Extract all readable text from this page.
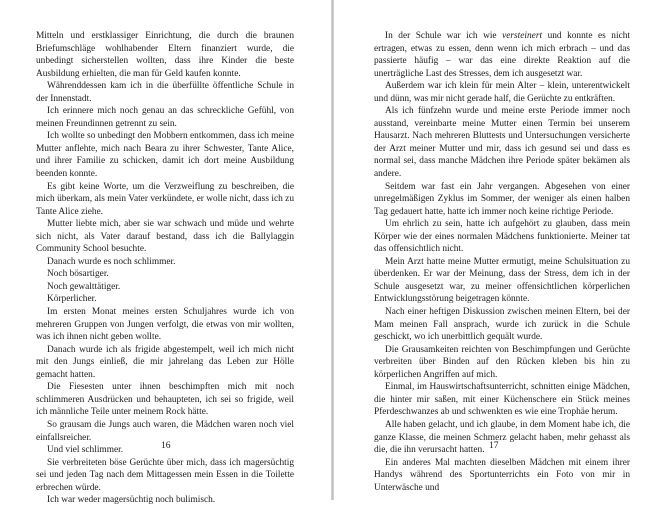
Mitteln und erstklassiger Einrichtung, die durch die braunen Briefumschläge wohlhabender Eltern finanziert wurde, die unbedingt sicherstellen wollten, dass ihre Kinder die beste Ausbildung erhielten, die man für Geld kaufen konnte.

Währenddessen kam ich in die überfüllte öffentliche Schule in der Innenstadt.

Ich erinnere mich noch genau an das schreckliche Gefühl, von meinen Freundinnen getrennt zu sein.

Ich wollte so unbedingt den Mobbern entkommen, dass ich meine Mutter anflehte, mich nach Beara zu ihrer Schwester, Tante Alice, und ihrer Familie zu schicken, damit ich dort meine Ausbildung beenden konnte.

Es gibt keine Worte, um die Verzweiflung zu beschreiben, die mich überkam, als mein Vater verkündete, er wolle nicht, dass ich zu Tante Alice ziehe.

Mutter liebte mich, aber sie war schwach und müde und wehrte sich nicht, als Vater darauf bestand, dass ich die Ballylaggin Community School besuchte.

Danach wurde es noch schlimmer.

Noch bösartiger.

Noch gewalttätiger.

Körperlicher.

Im ersten Monat meines ersten Schuljahres wurde ich von mehreren Gruppen von Jungen verfolgt, die etwas von mir wollten, was ich ihnen nicht geben wollte.

Danach wurde ich als frigide abgestempelt, weil ich mich nicht mit den Jungs einließ, die mir jahrelang das Leben zur Hölle gemacht hatten.

Die Fiesesten unter ihnen beschimpften mich mit noch schlimmeren Ausdrücken und behaupteten, ich sei so frigide, weil ich männliche Teile unter meinem Rock hätte.

So grausam die Jungs auch waren, die Mädchen waren noch viel einfallsreicher.

Und viel schlimmer.

Sie verbreiteten böse Gerüchte über mich, dass ich magersüchtig sei und jeden Tag nach dem Mittagessen mein Essen in die Toilette erbrechen würde.

Ich war weder magersüchtig noch bulimisch.

16

In der Schule war ich wie versteinert und konnte es nicht ertragen, etwas zu essen, denn wenn ich mich erbrach – und das passierte häufig – war das eine direkte Reaktion auf die unerträgliche Last des Stresses, dem ich ausgesetzt war.

Außerdem war ich klein für mein Alter – klein, unterentwickelt und dünn, was mir nicht gerade half, die Gerüchte zu entkräften.

Als ich fünfzehn wurde und meine erste Periode immer noch ausstand, vereinbarte meine Mutter einen Termin bei unserem Hausarzt. Nach mehreren Bluttests und Untersuchungen versicherte der Arzt meiner Mutter und mir, dass ich gesund sei und dass es normal sei, dass manche Mädchen ihre Periode später bekämen als andere.

Seitdem war fast ein Jahr vergangen. Abgesehen von einer unregelmäßigen Zyklus im Sommer, der weniger als einen halben Tag gedauert hatte, hatte ich immer noch keine richtige Periode.

Um ehrlich zu sein, hatte ich aufgehört zu glauben, dass mein Körper wie der eines normalen Mädchens funktionierte. Meiner tat das offensichtlich nicht.

Mein Arzt hatte meine Mutter ermutigt, meine Schulsituation zu überdenken. Er war der Meinung, dass der Stress, dem ich in der Schule ausgesetzt war, zu meiner offensichtlichen körperlichen Entwicklungsstörung beigetragen könnte.

Nach einer heftigen Diskussion zwischen meinen Eltern, bei der Mam meinen Fall ansprach, wurde ich zurück in die Schule geschickt, wo ich unerbittlich gequält wurde.

Die Grausamkeiten reichten von Beschimpfungen und Gerüchte verbreiten über Binden auf den Rücken kleben bis hin zu körperlichen Angriffen auf mich.

Einmal, im Hauswirtschaftsunterricht, schnitten einige Mädchen, die hinter mir saßen, mit einer Küchenschere ein Stück meines Pferdeschwanzes ab und schwenkten es wie eine Trophäe herum.

Alle haben gelacht, und ich glaube, in dem Moment habe ich, die ganze Klasse, die meinen Schmerz gelacht haben, mehr gehasst als die, die ihn verursacht hatten.

Ein anderes Mal machten dieselben Mädchen mit einem ihrer Handys während des Sportunterrichts ein Foto von mir in Unterwäsche und

17
